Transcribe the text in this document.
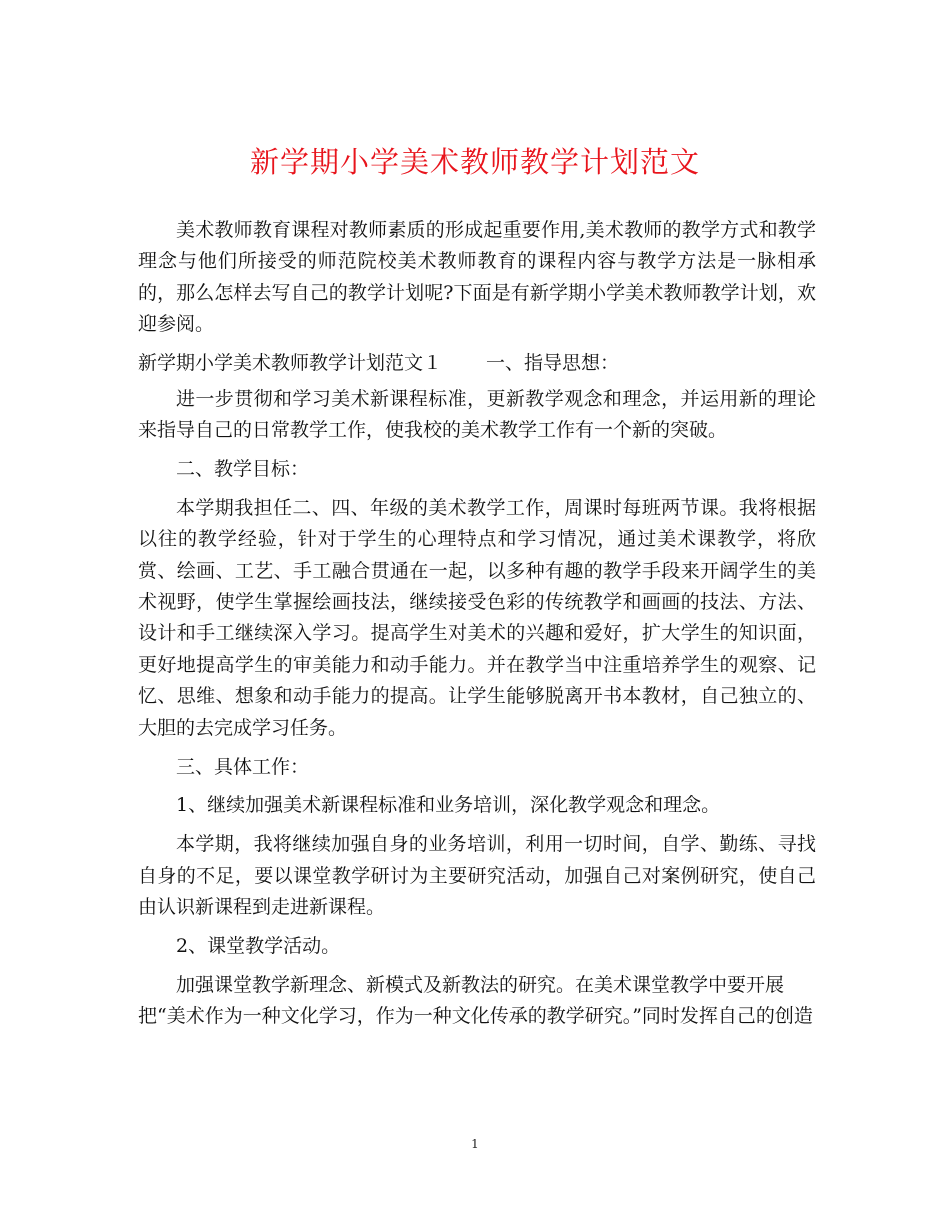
新学期小学美术教师教学计划范文

美术教师教育课程对教师素质的形成起重要作用,美术教师的教学方式和教学理念与他们所接受的师范院校美术教师教育的课程内容与教学方法是一脉相承的，那么怎样去写自己的教学计划呢?下面是有新学期小学美术教师教学计划，欢迎参阅。

新学期小学美术教师教学计划范文１ 一、指导思想：

进一步贯彻和学习美术新课程标准，更新教学观念和理念，并运用新的理论来指导自己的日常教学工作，使我校的美术教学工作有一个新的突破。

二、教学目标：

本学期我担任二、四、年级的美术教学工作，周课时每班两节课。我将根据以往的教学经验，针对于学生的心理特点和学习情况，通过美术课教学，将欣赏、绘画、工艺、手工融合贯通在一起，以多种有趣的教学手段来开阔学生的美术视野，使学生掌握绘画技法，继续接受色彩的传统教学和画画的技法、方法、设计和手工继续深入学习。提高学生对美术的兴趣和爱好，扩大学生的知识面，更好地提高学生的审美能力和动手能力。并在教学当中注重培养学生的观察、记忆、思维、想象和动手能力的提高。让学生能够脱离开书本教材，自己独立的、大胆的去完成学习任务。

三、具体工作：

1、继续加强美术新课程标准和业务培训，深化教学观念和理念。

本学期，我将继续加强自身的业务培训，利用一切时间，自学、勤练、寻找自身的不足，要以课堂教学研讨为主要研究活动，加强自己对案例研究，使自己由认识新课程到走进新课程。

2、课堂教学活动。

加强课堂教学新理念、新模式及新教法的研究。在美术课堂教学中要开展

把“美术作为一种文化学习，作为一种文化传承的教学研究。”同时发挥自己的创造

1
